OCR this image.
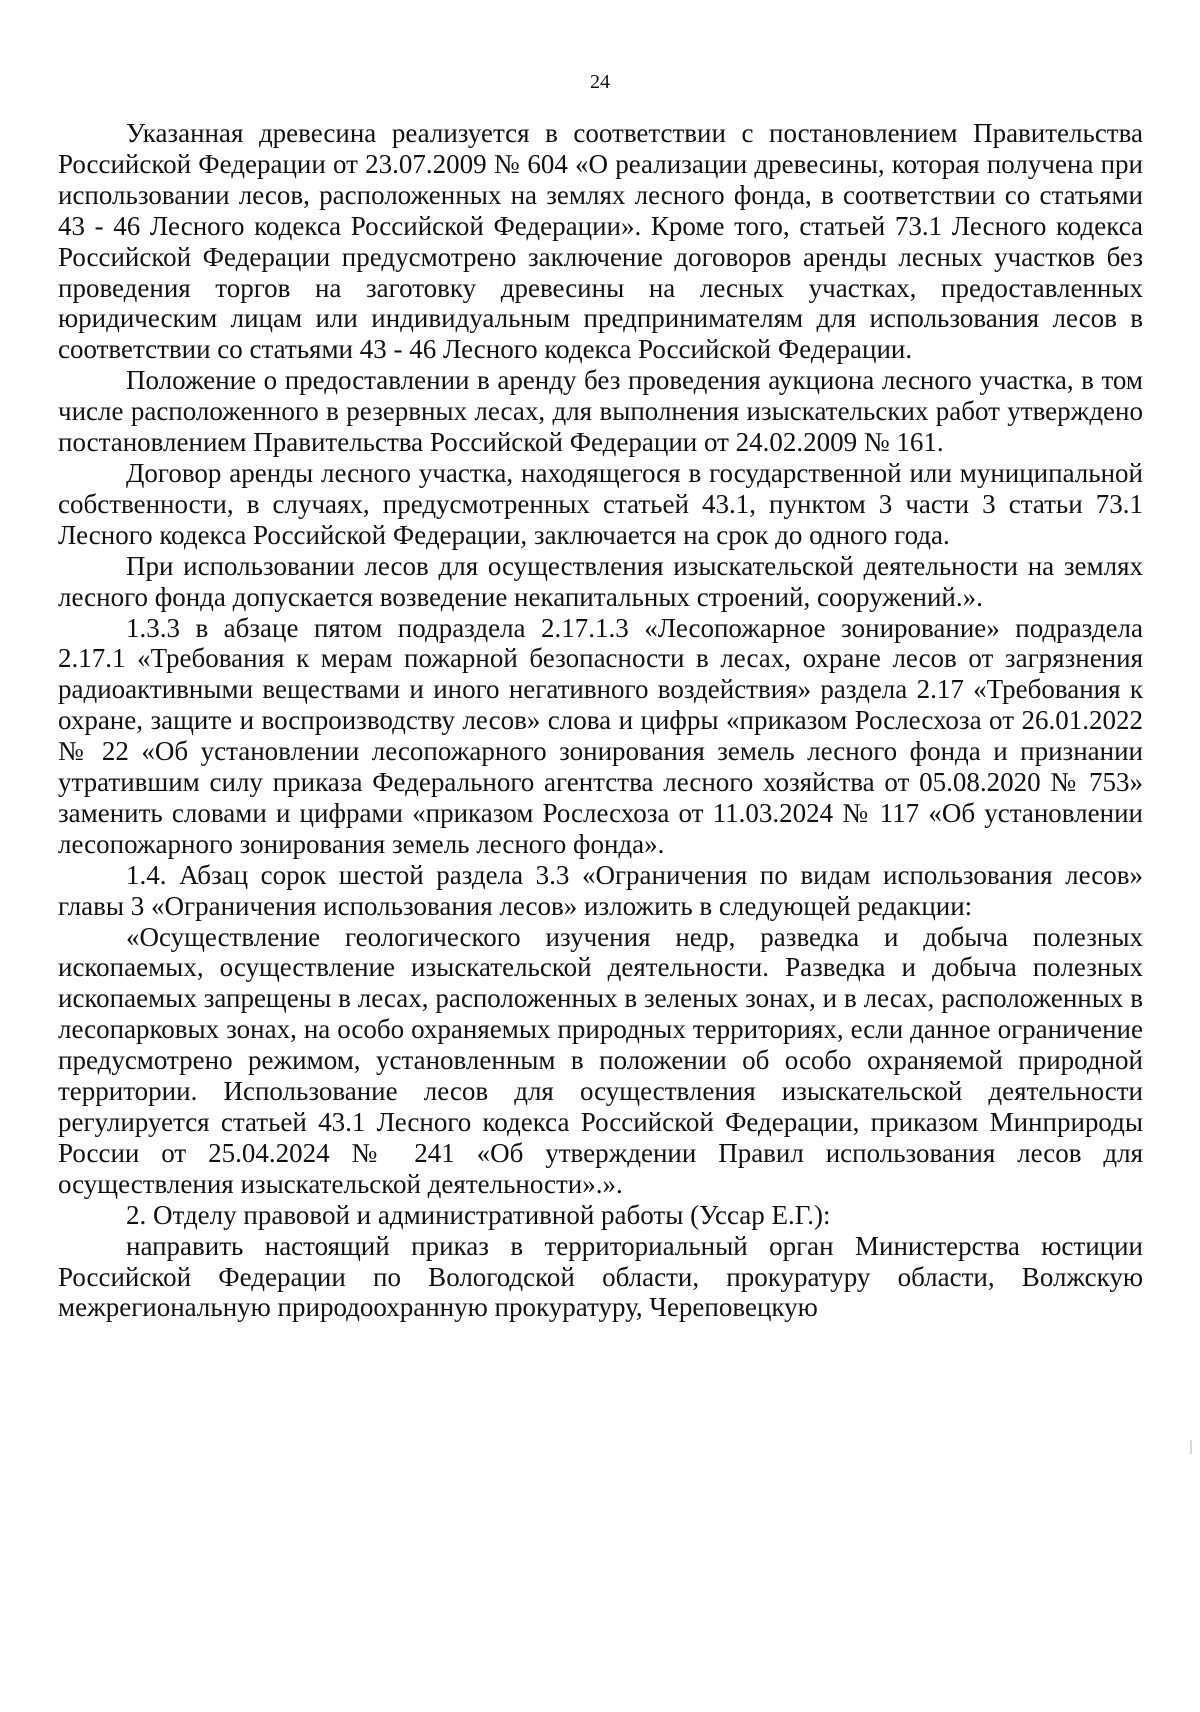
24

Указанная древесина реализуется в соответствии с постановлением Правительства Российской Федерации от 23.07.2009 № 604 «О реализации древесины, которая получена при использовании лесов, расположенных на землях лесного фонда, в соответствии со статьями 43 - 46 Лесного кодекса Российской Федерации». Кроме того, статьей 73.1 Лесного кодекса Российской Федерации предусмотрено заключение договоров аренды лесных участков без проведения торгов на заготовку древесины на лесных участках, предоставленных юридическим лицам или индивидуальным предпринимателям для использования лесов в соответствии со статьями 43 - 46 Лесного кодекса Российской Федерации.

Положение о предоставлении в аренду без проведения аукциона лесного участка, в том числе расположенного в резервных лесах, для выполнения изыскательских работ утверждено постановлением Правительства Российской Федерации от 24.02.2009 № 161.

Договор аренды лесного участка, находящегося в государственной или муниципальной собственности, в случаях, предусмотренных статьей 43.1, пунктом 3 части 3 статьи 73.1 Лесного кодекса Российской Федерации, заключается на срок до одного года.

При использовании лесов для осуществления изыскательской деятельности на землях лесного фонда допускается возведение некапитальных строений, сооружений.».

1.3.3 в абзаце пятом подраздела 2.17.1.3 «Лесопожарное зонирование» подраздела 2.17.1 «Требования к мерам пожарной безопасности в лесах, охране лесов от загрязнения радиоактивными веществами и иного негативного воздействия» раздела 2.17 «Требования к охране, защите и воспроизводству лесов» слова и цифры «приказом Рослесхоза от 26.01.2022 № 22 «Об установлении лесопожарного зонирования земель лесного фонда и признании утратившим силу приказа Федерального агентства лесного хозяйства от 05.08.2020 № 753» заменить словами и цифрами «приказом Рослесхоза от 11.03.2024 № 117 «Об установлении лесопожарного зонирования земель лесного фонда».

1.4. Абзац сорок шестой раздела 3.3 «Ограничения по видам использования лесов» главы 3 «Ограничения использования лесов» изложить в следующей редакции:

«Осуществление геологического изучения недр, разведка и добыча полезных ископаемых, осуществление изыскательской деятельности. Разведка и добыча полезных ископаемых запрещены в лесах, расположенных в зеленых зонах, и в лесах, расположенных в лесопарковых зонах, на особо охраняемых природных территориях, если данное ограничение предусмотрено режимом, установленным в положении об особо охраняемой природной территории. Использование лесов для осуществления изыскательской деятельности регулируется статьей 43.1 Лесного кодекса Российской Федерации, приказом Минприроды России от 25.04.2024 № 241 «Об утверждении Правил использования лесов для осуществления изыскательской деятельности».».

2. Отделу правовой и административной работы (Уссар Е.Г.):

направить настоящий приказ в территориальный орган Министерства юстиции Российской Федерации по Вологодской области, прокуратуру области, Волжскую межрегиональную природоохранную прокуратуру, Череповецкую
